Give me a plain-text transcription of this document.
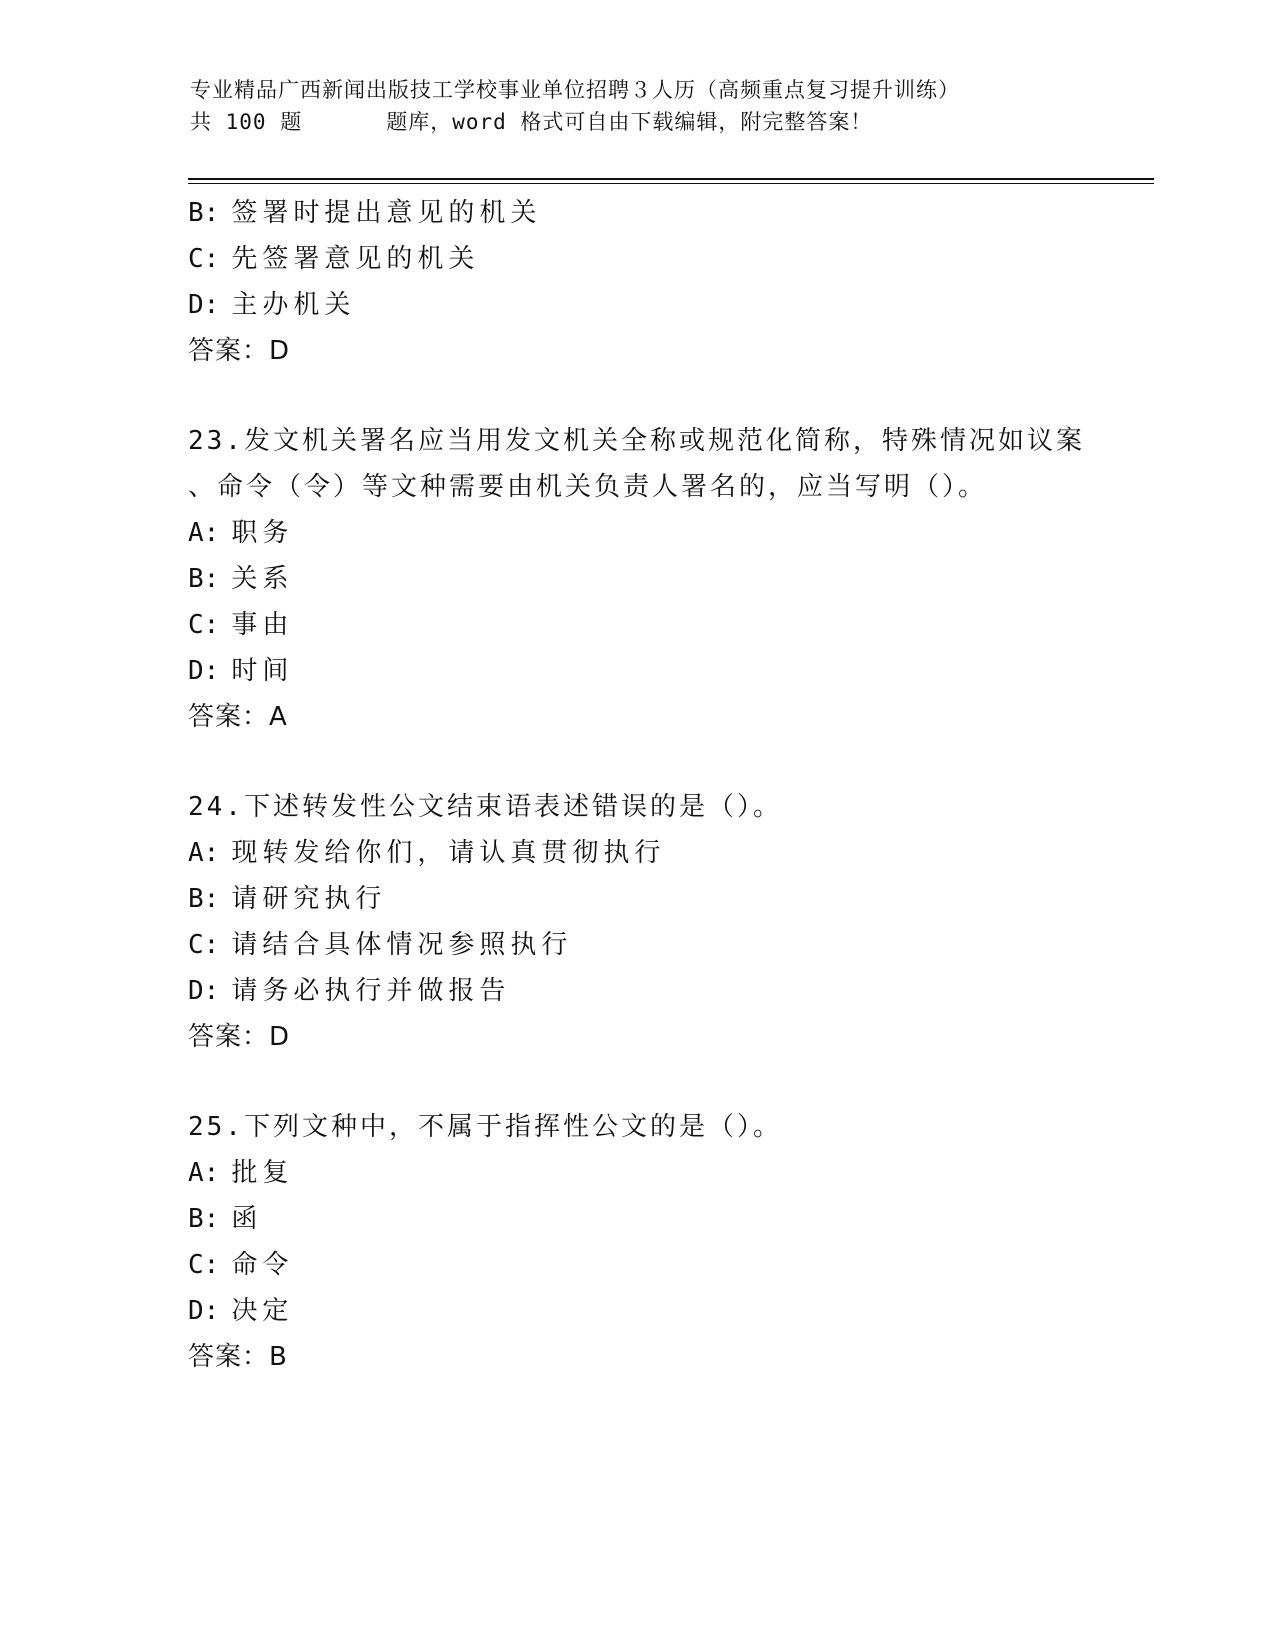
专业精品广西新闻出版技工学校事业单位招聘３人历（高频重点复习提升训练）
共 100 题	题库，word 格式可自由下载编辑，附完整答案！
B: 签署时提出意见的机关
C: 先签署意见的机关
D: 主办机关
答案：D
23.发文机关署名应当用发文机关全称或规范化简称，特殊情况如议案
、命令（令）等文种需要由机关负责人署名的，应当写明（）。
A: 职务
B: 关系
C: 事由
D: 时间
答案：A
24.下述转发性公文结束语表述错误的是（）。
A: 现转发给你们，请认真贯彻执行
B: 请研究执行
C: 请结合具体情况参照执行
D: 请务必执行并做报告
答案：D
25.下列文种中，不属于指挥性公文的是（）。
A: 批复
B: 函
C: 命令
D: 决定
答案：B
